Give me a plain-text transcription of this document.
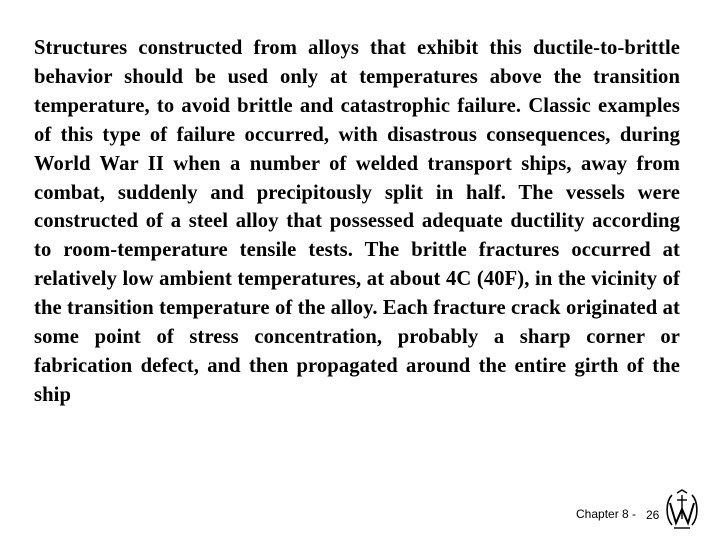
Structures constructed from alloys that exhibit this ductile-to-brittle behavior should be used only at temperatures above the transition temperature, to avoid brittle and catastrophic failure. Classic examples of this type of failure occurred, with disastrous consequences, during World War II when a number of welded transport ships, away from combat, suddenly and precipitously split in half. The vessels were constructed of a steel alloy that possessed adequate ductility according to room-temperature tensile tests. The brittle fractures occurred at relatively low ambient temperatures, at about 4C (40F), in the vicinity of the transition temperature of the alloy. Each fracture crack originated at some point of stress concentration, probably a sharp corner or fabrication defect, and then propagated around the entire girth of the ship

Chapter 8 - 26
